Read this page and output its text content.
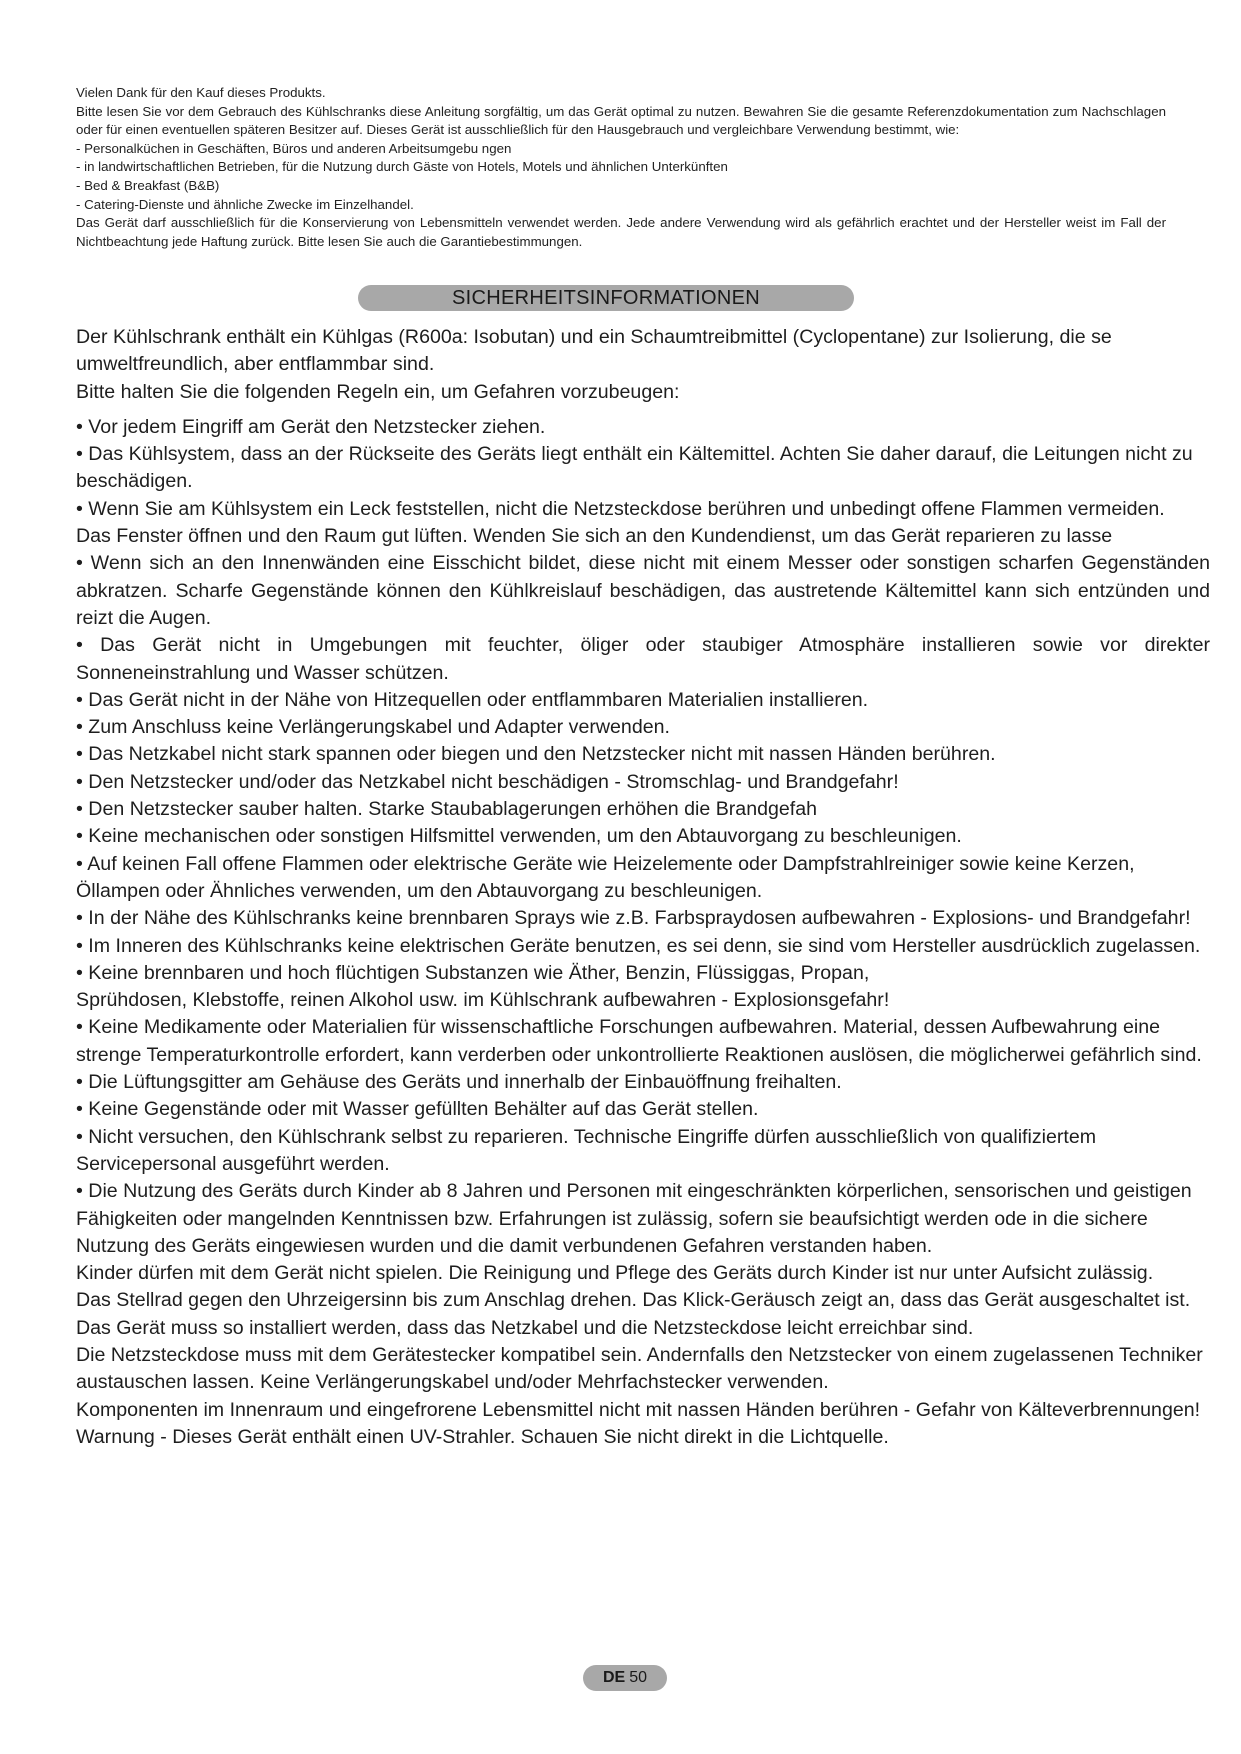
Vielen Dank für den Kauf dieses Produkts.

Bitte lesen Sie vor dem Gebrauch des Kühlschranks diese Anleitung sorgfältig, um das Gerät optimal zu nutzen. Bewahren Sie die gesamte Referenzdokumentation zum Nachschlagen oder für einen eventuellen späteren Besitzer auf. Dieses Gerät ist ausschließlich für den Hausgebrauch und vergleichbare Verwendung bestimmt, wie:

- Personalküchen in Geschäften, Büros und anderen Arbeitsumgebu ngen

- in landwirtschaftlichen Betrieben, für die Nutzung durch Gäste von Hotels, Motels und ähnlichen Unterkünften

- Bed & Breakfast (B&B)

- Catering-Dienste und ähnliche Zwecke im Einzelhandel.

Das Gerät darf ausschließlich für die Konservierung von Lebensmitteln verwendet werden. Jede andere Verwendung wird als gefährlich erachtet und der Hersteller weist im Fall der Nichtbeachtung jede Haftung zurück. Bitte lesen Sie auch die Garantiebestimmungen.

SICHERHEITSINFORMATIONEN

Der Kühlschrank enthält ein Kühlgas (R600a: Isobutan) und ein Schaumtreibmittel (Cyclopentane) zur Isolierung, die se umweltfreundlich, aber entflammbar sind.

Bitte halten Sie die folgenden Regeln ein, um Gefahren vorzubeugen:

• Vor jedem Eingriff am Gerät den Netzstecker ziehen.

• Das Kühlsystem, dass an der Rückseite des Geräts liegt enthält ein Kältemittel. Achten Sie daher darauf, die Leitungen nicht zu beschädigen.

• Wenn Sie am Kühlsystem ein Leck feststellen, nicht die Netzsteckdose berühren und unbedingt offene Flammen vermeiden.

Das Fenster öffnen und den Raum gut lüften. Wenden Sie sich an den Kundendienst, um das Gerät reparieren zu lasse

• Wenn sich an den Innenwänden eine Eisschicht bildet, diese nicht mit einem Messer oder sonstigen scharfen Gegenständen abkratzen. Scharfe Gegenstände können den Kühlkreislauf beschädigen, das austretende Kältemittel kann sich entzünden und reizt die Augen.

• Das Gerät nicht in Umgebungen mit feuchter, öliger oder staubiger Atmosphäre installieren sowie vor direkter Sonneneinstrahlung und Wasser schützen.

• Das Gerät nicht in der Nähe von Hitzequellen oder entflammbaren Materialien installieren.

• Zum Anschluss keine Verlängerungskabel und Adapter verwenden.

• Das Netzkabel nicht stark spannen oder biegen und den Netzstecker nicht mit nassen Händen berühren.

• Den Netzstecker und/oder das Netzkabel nicht beschädigen - Stromschlag- und Brandgefahr!

• Den Netzstecker sauber halten. Starke Staubablagerungen erhöhen die Brandgefah

• Keine mechanischen oder sonstigen Hilfsmittel verwenden, um den Abtauvorgang zu beschleunigen.

• Auf keinen Fall offene Flammen oder elektrische Geräte wie Heizelemente oder Dampfstrahlreiniger sowie keine Kerzen, Öllampen oder Ähnliches verwenden, um den Abtauvorgang zu beschleunigen.

• In der Nähe des Kühlschranks keine brennbaren Sprays wie z.B. Farbspraydosen aufbewahren - Explosions- und Brandgefahr!

• Im Inneren des Kühlschranks keine elektrischen Geräte benutzen, es sei denn, sie sind vom Hersteller ausdrücklich zugelassen.

• Keine brennbaren und hoch flüchtigen Substanzen wie Äther, Benzin, Flüssiggas, Propan,

Sprühdosen, Klebstoffe, reinen Alkohol usw. im Kühlschrank aufbewahren - Explosionsgefahr!

• Keine Medikamente oder Materialien für wissenschaftliche Forschungen aufbewahren. Material, dessen Aufbewahrung eine strenge Temperaturkontrolle erfordert, kann verderben oder unkontrollierte Reaktionen auslösen, die möglicherwei gefährlich sind.

• Die Lüftungsgitter am Gehäuse des Geräts und innerhalb der Einbauöffnung freihalten.

• Keine Gegenstände oder mit Wasser gefüllten Behälter auf das Gerät stellen.

• Nicht versuchen, den Kühlschrank selbst zu reparieren. Technische Eingriffe dürfen ausschließlich von qualifiziertem Servicepersonal ausgeführt werden.

• Die Nutzung des Geräts durch Kinder ab 8 Jahren und Personen mit eingeschränkten körperlichen, sensorischen und geistigen Fähigkeiten oder mangelnden Kenntnissen bzw. Erfahrungen ist zulässig, sofern sie beaufsichtigt werden ode in die sichere Nutzung des Geräts eingewiesen wurden und die damit verbundenen Gefahren verstanden haben.

Kinder dürfen mit dem Gerät nicht spielen. Die Reinigung und Pflege des Geräts durch Kinder ist nur unter Aufsicht zulässig.

Das Stellrad gegen den Uhrzeigersinn bis zum Anschlag drehen. Das Klick-Geräusch zeigt an, dass das Gerät ausgeschaltet ist.

Das Gerät muss so installiert werden, dass das Netzkabel und die Netzsteckdose leicht erreichbar sind.

Die Netzsteckdose muss mit dem Gerätestecker kompatibel sein. Andernfalls den Netzstecker von einem zugelassenen Techniker austauschen lassen. Keine Verlängerungskabel und/oder Mehrfachstecker verwenden.

Komponenten im Innenraum und eingefrorene Lebensmittel nicht mit nassen Händen berühren - Gefahr von Kälteverbrennungen!

Warnung - Dieses Gerät enthält einen UV-Strahler. Schauen Sie nicht direkt in die Lichtquelle.

DE 50
